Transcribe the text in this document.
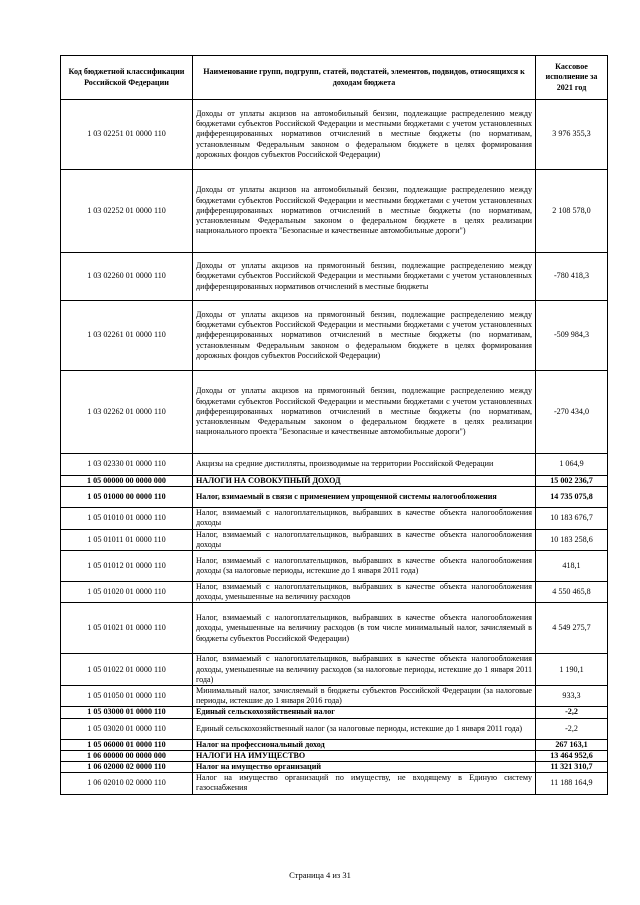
Код бюджетной классификации Российской Федерации	Наименование групп, подгрупп, статей, подстатей, элементов, подвидов, относящихся к доходам бюджета	Кассовое исполнение за 2021 год
1 03 02251 01 0000 110	Доходы от уплаты акцизов на автомобильный бензин, подлежащие распределению между бюджетами субъектов Российской Федерации и местными бюджетами с учетом установленных дифференцированных нормативов отчислений в местные бюджеты (по нормативам, установленным Федеральным законом о федеральном бюджете в целях формирования дорожных фондов субъектов Российской Федерации)	3 976 355,3
1 03 02252 01 0000 110	Доходы от уплаты акцизов на автомобильный бензин, подлежащие распределению между бюджетами субъектов Российской Федерации и местными бюджетами с учетом установленных дифференцированных нормативов отчислений в местные бюджеты (по нормативам, установленным Федеральным законом о федеральном бюджете в целях реализации национального проекта "Безопасные и качественные автомобильные дороги")	2 108 578,0
1 03 02260 01 0000 110	Доходы от уплаты акцизов на прямогонный бензин, подлежащие распределению между бюджетами субъектов Российской Федерации и местными бюджетами с учетом установленных дифференцированных нормативов отчислений в местные бюджеты	-780 418,3
1 03 02261 01 0000 110	Доходы от уплаты акцизов на прямогонный бензин, подлежащие распределению между бюджетами субъектов Российской Федерации и местными бюджетами с учетом установленных дифференцированных нормативов отчислений в местные бюджеты (по нормативам, установленным Федеральным законом о федеральном бюджете в целях формирования дорожных фондов субъектов Российской Федерации)	-509 984,3
1 03 02262 01 0000 110	Доходы от уплаты акцизов на прямогонный бензин, подлежащие распределению между бюджетами субъектов Российской Федерации и местными бюджетами с учетом установленных дифференцированных нормативов отчислений в местные бюджеты (по нормативам, установленным Федеральным законом о федеральном бюджете в целях реализации национального проекта "Безопасные и качественные автомобильные дороги")	-270 434,0
1 03 02330 01 0000 110	Акцизы на средние дистилляты, производимые на территории Российской Федерации	1 064,9
1 05 00000 00 0000 000	НАЛОГИ НА СОВОКУПНЫЙ ДОХОД	15 002 236,7
1 05 01000 00 0000 110	Налог, взимаемый в связи с применением упрощенной системы налогообложения	14 735 075,8
1 05 01010 01 0000 110	Налог, взимаемый с налогоплательщиков, выбравших в качестве объекта налогообложения доходы	10 183 676,7
1 05 01011 01 0000 110	Налог, взимаемый с налогоплательщиков, выбравших в качестве объекта налогообложения доходы	10 183 258,6
1 05 01012 01 0000 110	Налог, взимаемый с налогоплательщиков, выбравших в качестве объекта налогообложения доходы (за налоговые периоды, истекшие до 1 января 2011 года)	418,1
1 05 01020 01 0000 110	Налог, взимаемый с налогоплательщиков, выбравших в качестве объекта налогообложения доходы, уменьшенные на величину расходов	4 550 465,8
1 05 01021 01 0000 110	Налог, взимаемый с налогоплательщиков, выбравших в качестве объекта налогообложения доходы, уменьшенные на величину расходов (в том числе минимальный налог, зачисляемый в бюджеты субъектов Российской Федерации)	4 549 275,7
1 05 01022 01 0000 110	Налог, взимаемый с налогоплательщиков, выбравших в качестве объекта налогообложения доходы, уменьшенные на величину расходов (за налоговые периоды, истекшие до 1 января 2011 года)	1 190,1
1 05 01050 01 0000 110	Минимальный налог, зачисляемый в бюджеты субъектов Российской Федерации (за налоговые периоды, истекшие до 1 января 2016 года)	933,3
1 05 03000 01 0000 110	Единый сельскохозяйственный налог	-2,2
1 05 03020 01 0000 110	Единый сельскохозяйственный налог (за налоговые периоды, истекшие до 1 января 2011 года)	-2,2
1 05 06000 01 0000 110	Налог на профессиональный доход	267 163,1
1 06 00000 00 0000 000	НАЛОГИ НА ИМУЩЕСТВО	13 464 952,6
1 06 02000 02 0000 110	Налог на имущество организаций	11 321 310,7
1 06 02010 02 0000 110	Налог на имущество организаций по имуществу, не входящему в Единую систему газоснабжения	11 188 164,9
Страница 4 из 31
